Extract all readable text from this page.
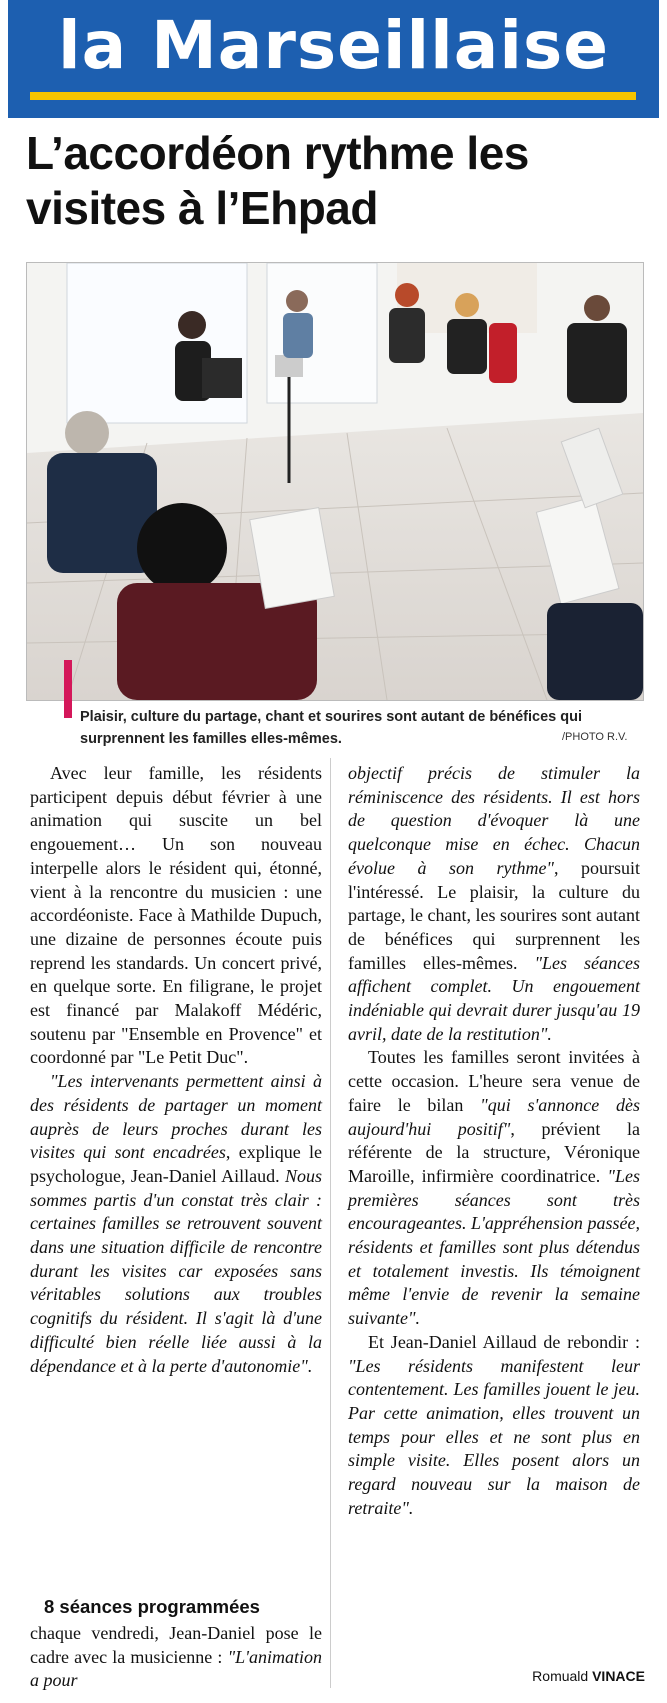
la Marseillaise
L’accordéon rythme les visites à l’Ehpad
Plaisir, culture du partage, chant et sourires sont autant de bénéfices qui surprennent les familles elles-mêmes.	/PHOTO R.V.

Avec leur famille, les résidents participent depuis début février à une animation qui suscite un bel engouement… Un son nouveau interpelle alors le résident qui, étonné, vient à la rencontre du musicien : une accordéoniste. Face à Mathilde Dupuch, une dizaine de personnes écoute puis reprend les standards. Un concert privé, en quelque sorte. En filigrane, le projet est financé par Malakoff Médéric, soutenu par "Ensemble en Provence" et coordonné par "Le Petit Duc".

"Les intervenants permettent ainsi à des résidents de partager un moment auprès de leurs proches durant les visites qui sont encadrées, explique le psychologue, Jean-Daniel Aillaud. Nous sommes partis d'un constat très clair : certaines familles se retrouvent souvent dans une situation difficile de rencontre durant les visites car exposées sans véritables solutions aux troubles cognitifs du résident. Il s'agit là d'une difficulté bien réelle liée aussi à la dépendance et à la perte d'autonomie".

8 séances programmées

chaque vendredi, Jean-Daniel pose le cadre avec la musicienne : "L'animation a pour

objectif précis de stimuler la réminiscence des résidents. Il est hors de question d'évoquer là une quelconque mise en échec. Chacun évolue à son rythme", poursuit l'intéressé. Le plaisir, la culture du partage, le chant, les sourires sont autant de bénéfices qui surprennent les familles elles-mêmes. "Les séances affichent complet. Un engouement indéniable qui devrait durer jusqu'au 19 avril, date de la restitution".

Toutes les familles seront invitées à cette occasion. L'heure sera venue de faire le bilan "qui s'annonce dès aujourd'hui positif", prévient la référente de la structure, Véronique Maroille, infirmière coordinatrice. "Les premières séances sont très encourageantes. L'appréhension passée, résidents et familles sont plus détendus et totalement investis. Ils témoignent même l'envie de revenir la semaine suivante".

Et Jean-Daniel Aillaud de rebondir : "Les résidents manifestent leur contentement. Les familles jouent le jeu. Par cette animation, elles trouvent un temps pour elles et ne sont plus en simple visite. Elles posent alors un regard nouveau sur la maison de retraite".

Romuald VINACE
